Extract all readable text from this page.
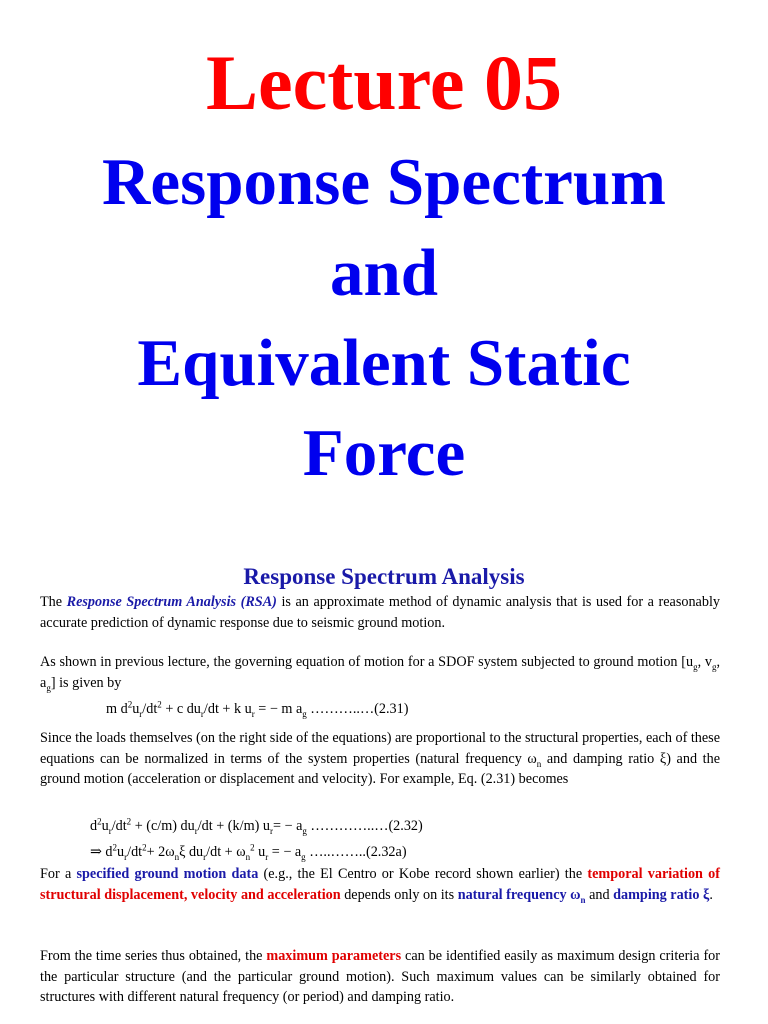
Lecture 05
Response Spectrum
and
Equivalent Static
Force
Response Spectrum Analysis
The Response Spectrum Analysis (RSA) is an approximate method of dynamic analysis that is used for a reasonably accurate prediction of dynamic response due to seismic ground motion.
As shown in previous lecture, the governing equation of motion for a SDOF system subjected to ground motion [$u_g$, $v_g$, $a_g$] is given by
m $d^2u_r/dt^2 + c$ $du_r/dt + k$ $u_r$ = − m $a_g$ ………..…(2.31)
Since the loads themselves (on the right side of the equations) are proportional to the structural properties, each of these equations can be normalized in terms of the system properties (natural frequency $\omega_n$ and damping ratio ξ) and the ground motion (acceleration or displacement and velocity). For example, Eq. (2.31) becomes
$d^2u_r/dt^2 + (c/m) du_r/dt + (k/m) u_r= - a_g$ …………..…(2.32)
⇒ $d^2u_r/dt^2+ 2\omega_n\xi$ $du_r/dt + \omega_n^2$ $u_r$ = − $a_g$ …..……..(2.32a)
For a specified ground motion data (e.g., the El Centro or Kobe record shown earlier) the temporal variation of structural displacement, velocity and acceleration depends only on its natural frequency $\omega_n$ and damping ratio ξ.
From the time series thus obtained, the maximum parameters can be identified easily as maximum design criteria for the particular structure (and the particular ground motion). Such maximum values can be similarly obtained for structures with different natural frequency (or period) and damping ratio.
